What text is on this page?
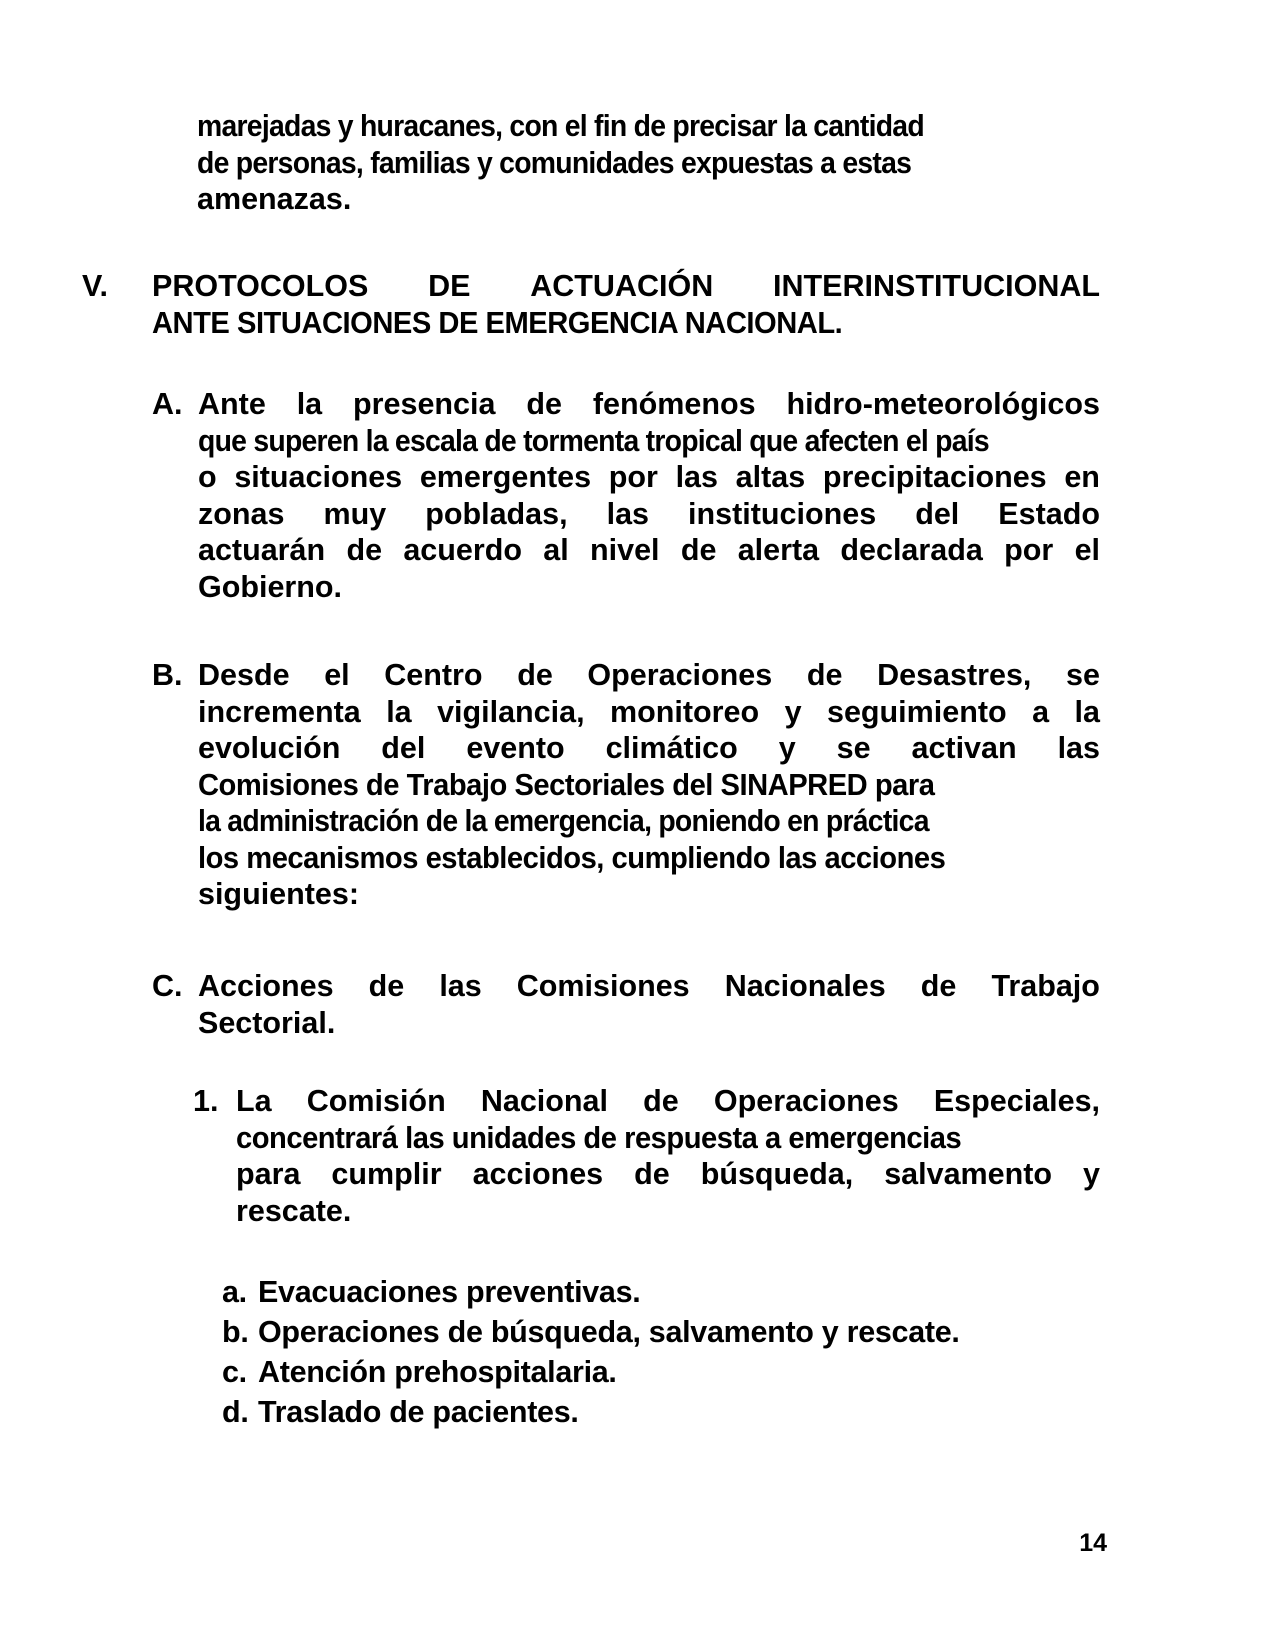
marejadas y huracanes, con el fin de precisar la cantidad
de personas, familias y comunidades expuestas a estas
amenazas.
V.	PROTOCOLOS DE ACTUACIÓN INTERINSTITUCIONAL
ANTE SITUACIONES DE EMERGENCIA NACIONAL.
A. Ante la presencia de fenómenos hidro-meteorológicos
que superen la escala de tormenta tropical que afecten el país
o situaciones emergentes por las altas precipitaciones en
zonas muy pobladas, las instituciones del Estado
actuarán de acuerdo al nivel de alerta declarada por el
Gobierno.
B. Desde el Centro de Operaciones de Desastres, se
incrementa la vigilancia, monitoreo y seguimiento a la
evolución del evento climático y se activan las
Comisiones de Trabajo Sectoriales del SINAPRED para
la administración de la emergencia, poniendo en práctica
los mecanismos establecidos, cumpliendo las acciones
siguientes:
C. Acciones de las Comisiones Nacionales de Trabajo
Sectorial.
1. La Comisión Nacional de Operaciones Especiales,
concentrará las unidades de respuesta a emergencias
para cumplir acciones de búsqueda, salvamento y
rescate.
a. Evacuaciones preventivas.
b. Operaciones de búsqueda, salvamento y rescate.
c. Atención prehospitalaria.
d. Traslado de pacientes.
14
